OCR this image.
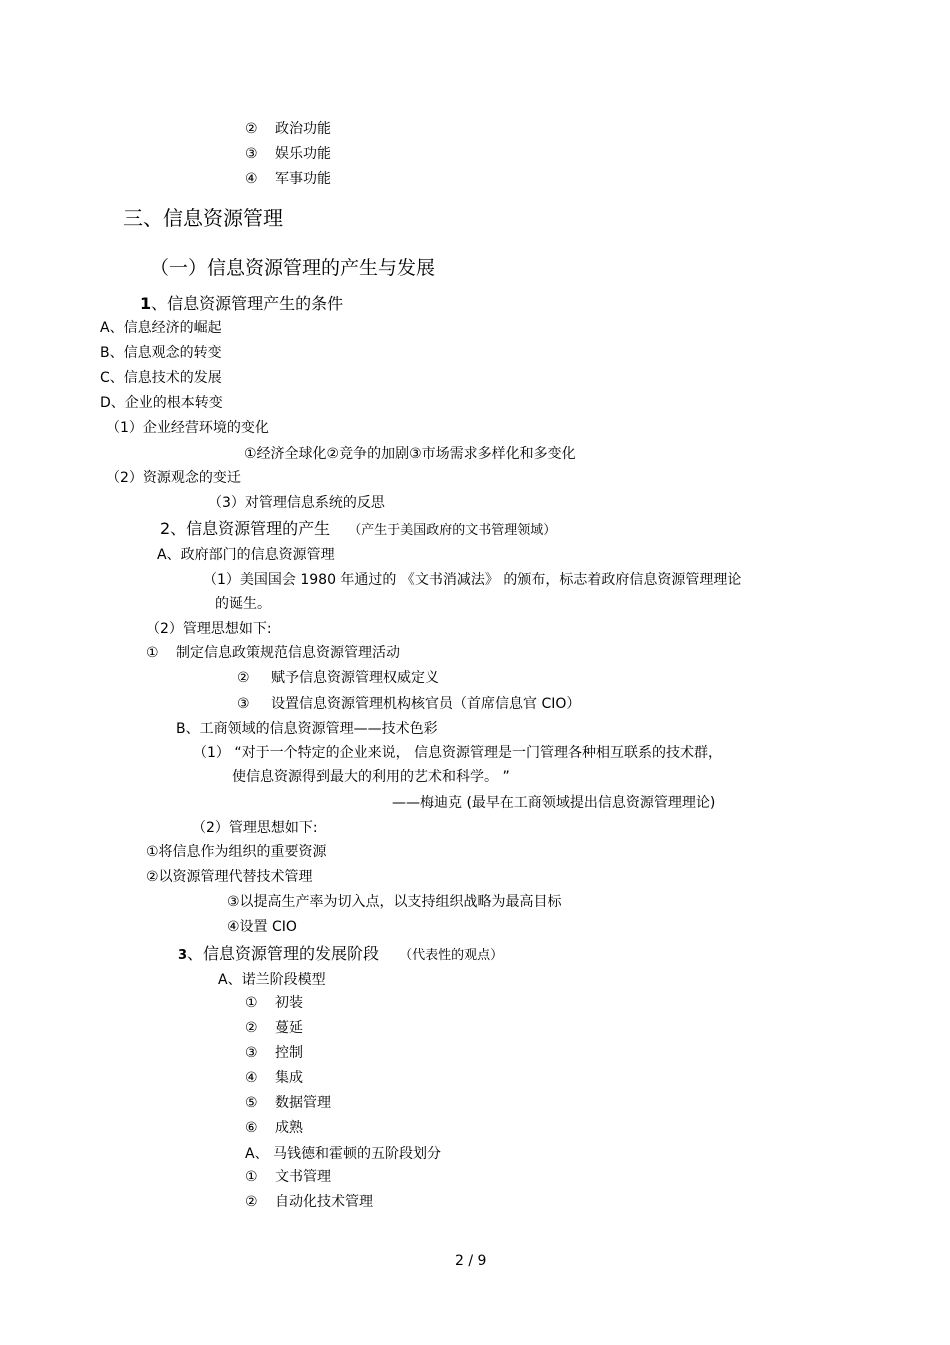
② 政治功能
③ 娱乐功能
④ 军事功能
三、信息资源管理
（一）信息资源管理的产生与发展
1、信息资源管理产生的条件
A、信息经济的崛起
B、信息观念的转变
C、信息技术的发展
D、企业的根本转变
（1）企业经营环境的变化
①经济全球化②竞争的加剧③市场需求多样化和多变化
（2）资源观念的变迁
（3）对管理信息系统的反思
2、信息资源管理的产生 （产生于美国政府的文书管理领域）
A、政府部门的信息资源管理
（1）美国国会 1980 年通过的 《文书消减法》 的颁布，标志着政府信息资源管理理论
的诞生。
（2）管理思想如下:
① 制定信息政策规范信息资源管理活动
② 赋予信息资源管理权威定义
③ 设置信息资源管理机构核官员（首席信息官 CIO）
B、工商领域的信息资源管理——技术色彩
（1） “对于一个特定的企业来说， 信息资源管理是一门管理各种相互联系的技术群，
使信息资源得到最大的利用的艺术和科学。 ”
——梅迪克 (最早在工商领域提出信息资源管理理论)
（2）管理思想如下:
①将信息作为组织的重要资源
②以资源管理代替技术管理
③以提高生产率为切入点，以支持组织战略为最高目标
④设置 CIO
3、信息资源管理的发展阶段 （代表性的观点）
A、诺兰阶段模型
① 初装
② 蔓延
③ 控制
④ 集成
⑤ 数据管理
⑥ 成熟
A、 马钱德和霍顿的五阶段划分
① 文书管理
② 自动化技术管理
2 / 9
